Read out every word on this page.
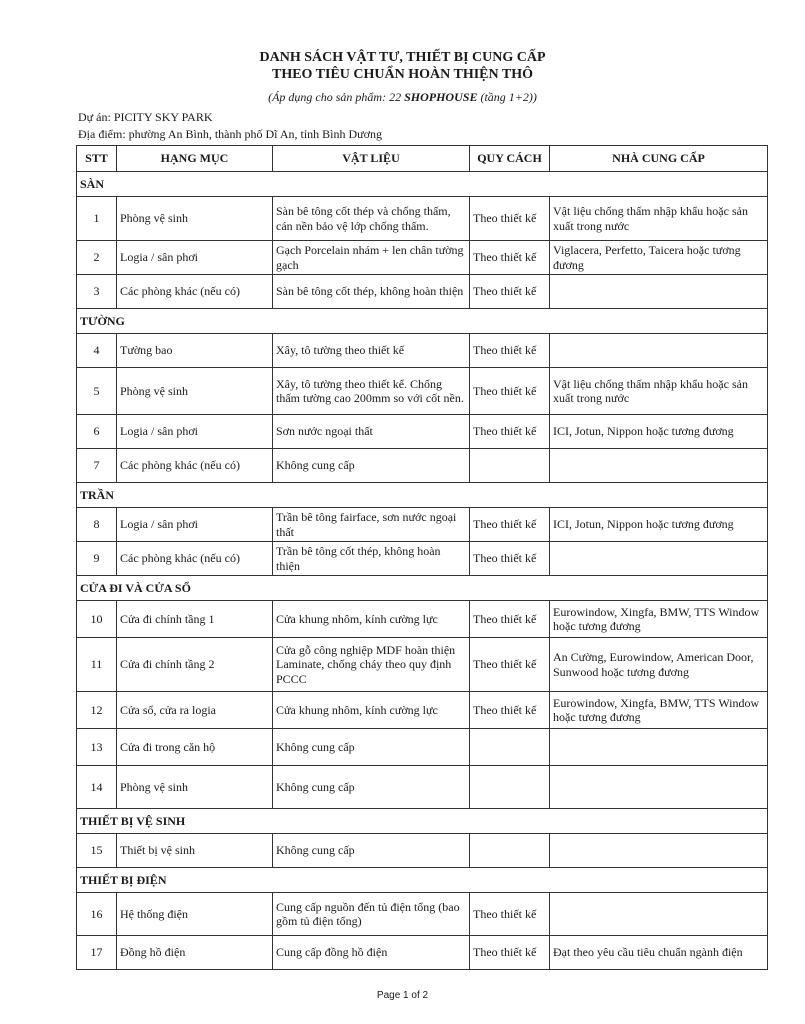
DANH SÁCH VẬT TƯ, THIẾT BỊ CUNG CẤP
THEO TIÊU CHUẨN HOÀN THIỆN THÔ
(Áp dụng cho sản phẩm: 22 SHOPHOUSE (tầng 1+2))
Dự án: PICITY SKY PARK
Địa điểm: phường An Bình, thành phố Dĩ An, tỉnh Bình Dương
STT	HẠNG MỤC	VẬT LIỆU	QUY CÁCH	NHÀ CUNG CẤP
SÀN				
1	Phòng vệ sinh	Sàn bê tông cốt thép và chống thấm, cán nền bảo vệ lớp chống thấm.	Theo thiết kế	Vật liệu chống thấm nhập khẩu hoặc sản xuất trong nước
2	Logia / sân phơi	Gạch Porcelain nhám + len chân tường gạch	Theo thiết kế	Viglacera, Perfetto, Taicera hoặc tương đương
3	Các phòng khác (nếu có)	Sàn bê tông cốt thép, không hoàn thiện	Theo thiết kế	
TƯỜNG				
4	Tường bao	Xây, tô tường theo thiết kế	Theo thiết kế	
5	Phòng vệ sinh	Xây, tô tường theo thiết kế. Chống thấm tường cao 200mm so với cốt nền.	Theo thiết kế	Vật liệu chống thấm nhập khẩu hoặc sản xuất trong nước
6	Logia / sân phơi	Sơn nước ngoại thất	Theo thiết kế	ICI, Jotun, Nippon hoặc tương đương
7	Các phòng khác (nếu có)	Không cung cấp		
TRẦN				
8	Logia / sân phơi	Trần bê tông fairface, sơn nước ngoại thất	Theo thiết kế	ICI, Jotun, Nippon hoặc tương đương
9	Các phòng khác (nếu có)	Trần bê tông cốt thép, không hoàn thiện	Theo thiết kế	
CỬA ĐI VÀ CỬA SỔ				
10	Cửa đi chính tầng 1	Cửa khung nhôm, kính cường lực	Theo thiết kế	Eurowindow, Xingfa, BMW, TTS Window hoặc tương đương
11	Cửa đi chính tầng 2	Cửa gỗ công nghiệp MDF hoàn thiện Laminate, chống cháy theo quy định PCCC	Theo thiết kế	An Cường, Eurowindow, American Door, Sunwood hoặc tương đương
12	Cửa sổ, cửa ra logia	Cửa khung nhôm, kính cường lực	Theo thiết kế	Eurowindow, Xingfa, BMW, TTS Window hoặc tương đương
13	Cửa đi trong căn hộ	Không cung cấp		
14	Phòng vệ sinh	Không cung cấp		
THIẾT BỊ VỆ SINH				
15	Thiết bị vệ sinh	Không cung cấp		
THIẾT BỊ ĐIỆN				
16	Hệ thống điện	Cung cấp nguồn đến tủ điện tổng (bao gồm tủ điện tổng)	Theo thiết kế	
17	Đồng hồ điện	Cung cấp đồng hồ điện	Theo thiết kế	Đạt theo yêu cầu tiêu chuẩn ngành điện
Page 1 of 2
